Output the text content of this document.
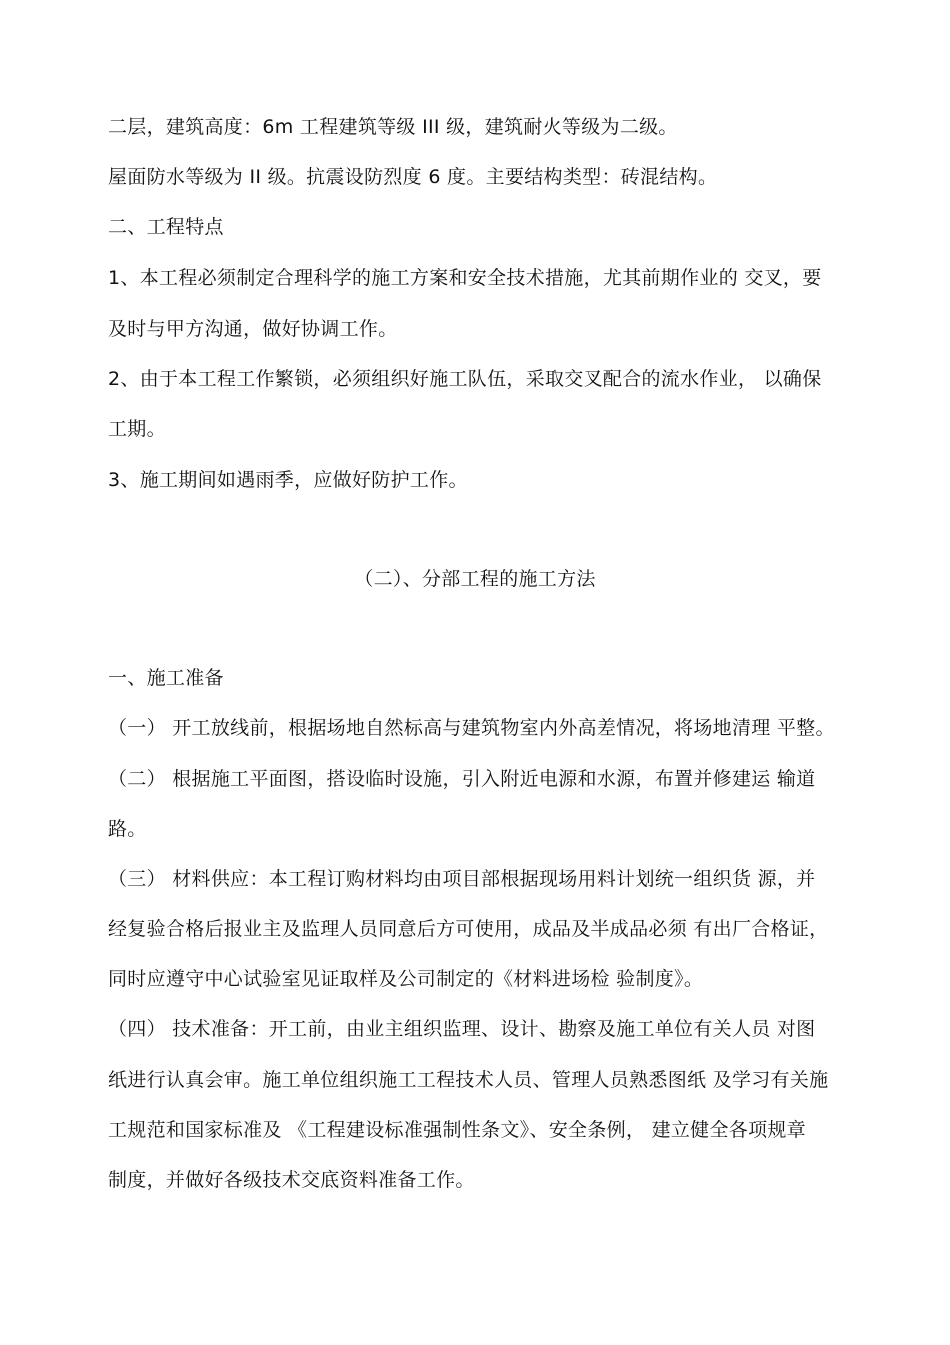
二层，建筑高度：6m 工程建筑等级 III 级，建筑耐火等级为二级。
屋面防水等级为 II 级。抗震设防烈度 6 度。主要结构类型：砖混结构。
二、工程特点
1、本工程必须制定合理科学的施工方案和安全技术措施，尤其前期作业的 交叉，要
及时与甲方沟通，做好协调工作。
2、由于本工程工作繁锁，必须组织好施工队伍，采取交叉配合的流水作业， 以确保
工期。
3、施工期间如遇雨季，应做好防护工作。
（二）、分部工程的施工方法
一、施工准备
（一） 开工放线前，根据场地自然标高与建筑物室内外高差情况，将场地清理 平整。
（二） 根据施工平面图，搭设临时设施，引入附近电源和水源，布置并修建运 输道
路。
（三） 材料供应：本工程订购材料均由项目部根据现场用料计划统一组织货 源，并
经复验合格后报业主及监理人员同意后方可使用，成品及半成品必须 有出厂合格证，
同时应遵守中心试验室见证取样及公司制定的《材料进场检 验制度》。
（四） 技术准备：开工前，由业主组织监理、设计、勘察及施工单位有关人员 对图
纸进行认真会审。施工单位组织施工工程技术人员、管理人员熟悉图纸 及学习有关施
工规范和国家标准及 《工程建设标准强制性条文》、安全条例， 建立健全各项规章
制度，并做好各级技术交底资料准备工作。
